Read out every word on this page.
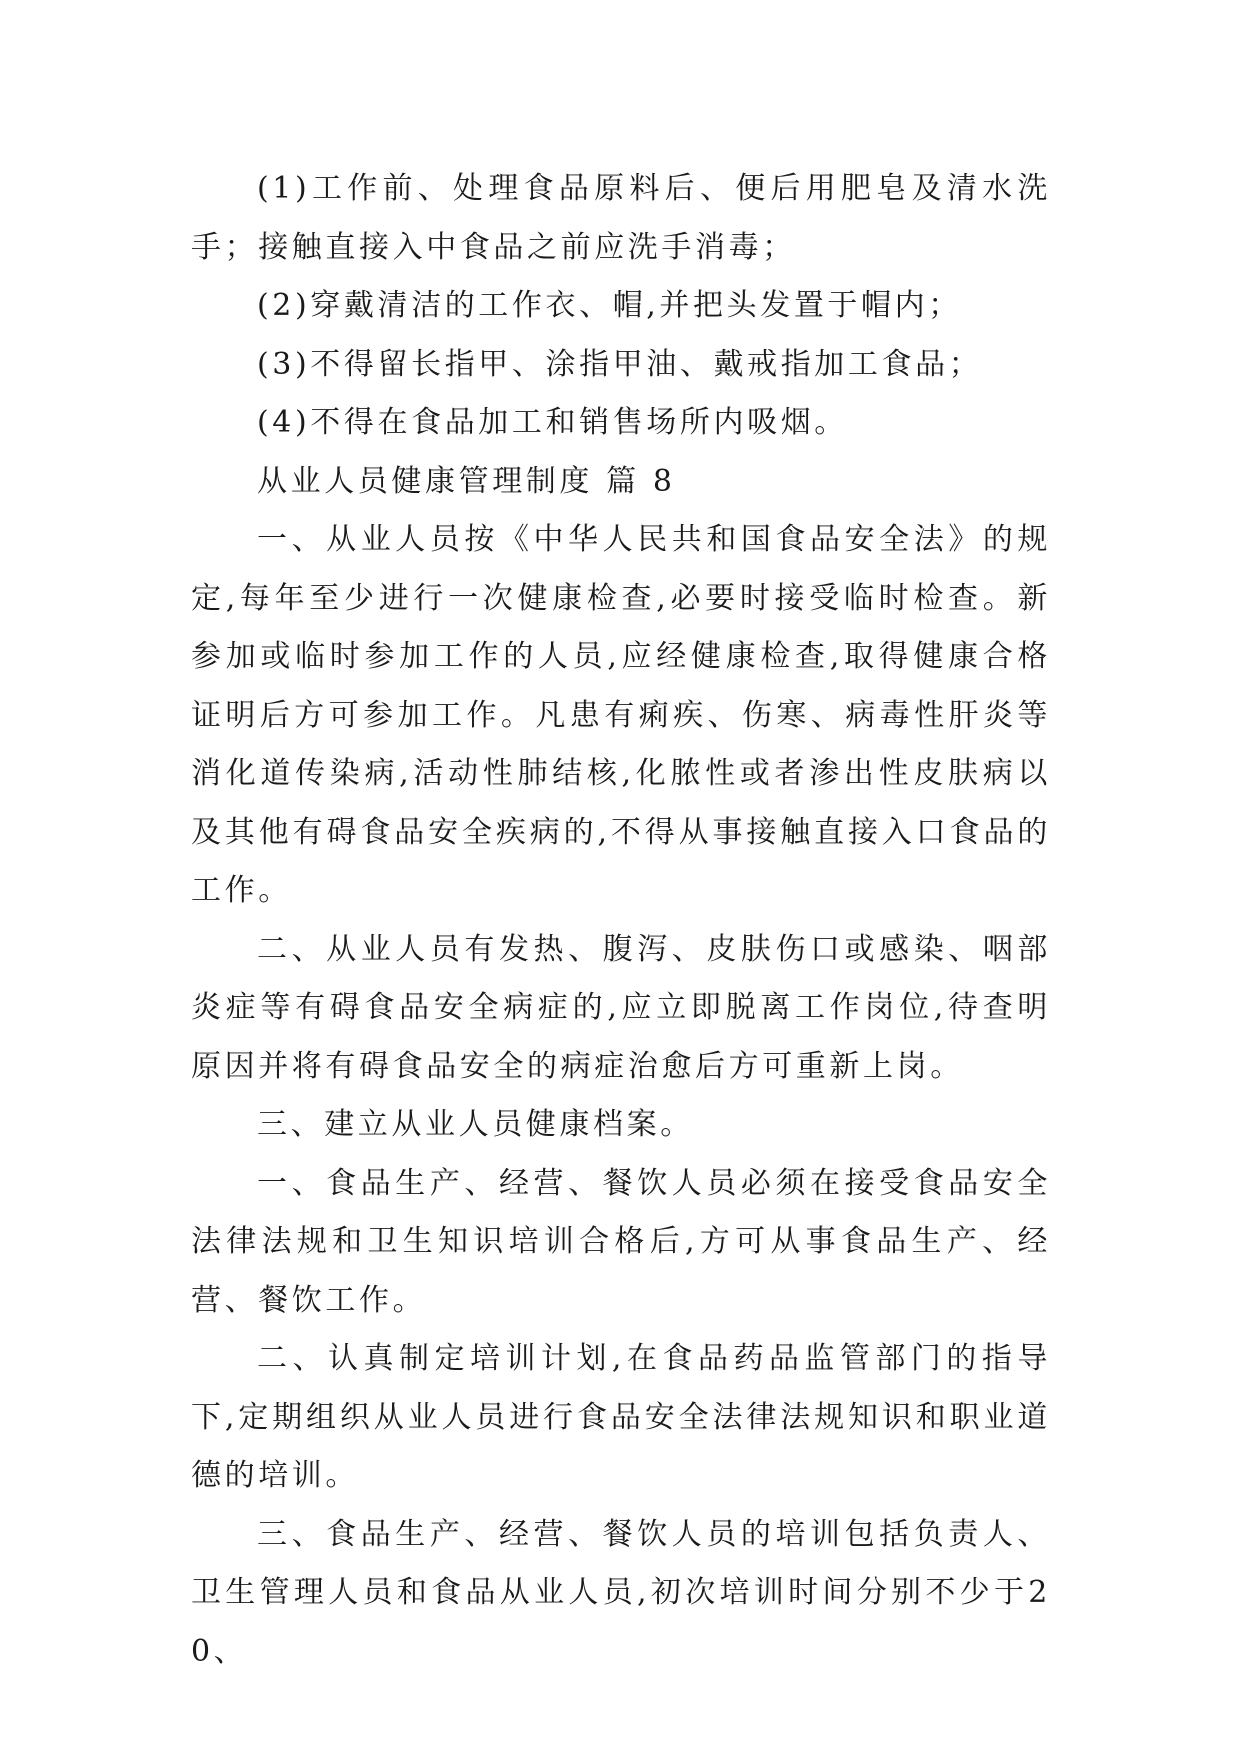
(1)工作前、处理食品原料后、便后用肥皂及清水洗手；接触直接入中食品之前应洗手消毒；

(2)穿戴清洁的工作衣、帽,并把头发置于帽内；

(3)不得留长指甲、涂指甲油、戴戒指加工食品；

(4)不得在食品加工和销售场所内吸烟。

从业人员健康管理制度 篇 8

一、从业人员按《中华人民共和国食品安全法》的规定,每年至少进行一次健康检查,必要时接受临时检查。新参加或临时参加工作的人员,应经健康检查,取得健康合格证明后方可参加工作。凡患有痢疾、伤寒、病毒性肝炎等消化道传染病,活动性肺结核,化脓性或者渗出性皮肤病以及其他有碍食品安全疾病的,不得从事接触直接入口食品的工作。

二、从业人员有发热、腹泻、皮肤伤口或感染、咽部炎症等有碍食品安全病症的,应立即脱离工作岗位,待查明原因并将有碍食品安全的病症治愈后方可重新上岗。

三、建立从业人员健康档案。

一、食品生产、经营、餐饮人员必须在接受食品安全法律法规和卫生知识培训合格后,方可从事食品生产、经营、餐饮工作。

二、认真制定培训计划,在食品药品监管部门的指导下,定期组织从业人员进行食品安全法律法规知识和职业道德的培训。

三、食品生产、经营、餐饮人员的培训包括负责人、卫生管理人员和食品从业人员,初次培训时间分别不少于20、
